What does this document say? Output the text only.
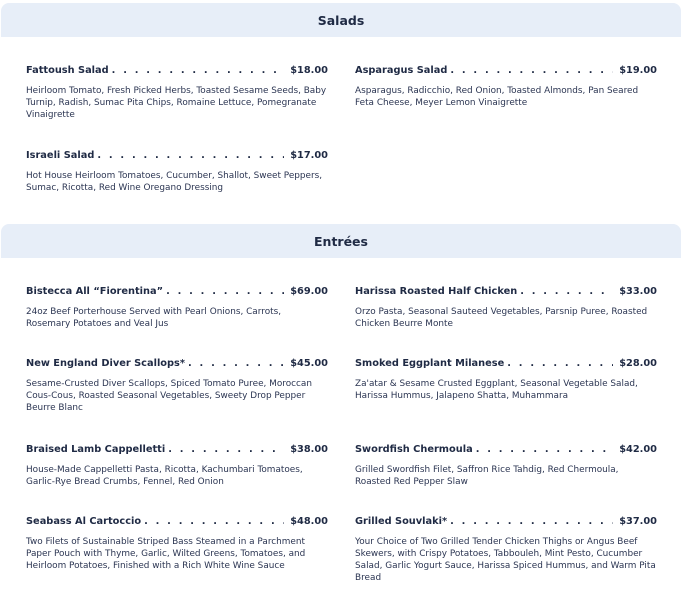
Salads
Fattoush Salad . . .	$18.00
Heirloom Tomato, Fresh Picked Herbs, Toasted Sesame Seeds, Baby Turnip, Radish, Sumac Pita Chips, Romaine Lettuce, Pomegranate Vinaigrette
Asparagus Salad . . .	$19.00
Asparagus, Radicchio, Red Onion, Toasted Almonds, Pan Seared Feta Cheese, Meyer Lemon Vinaigrette
Israeli Salad . . .	$17.00
Hot House Heirloom Tomatoes, Cucumber, Shallot, Sweet Peppers, Sumac, Ricotta, Red Wine Oregano Dressing
Entrées
Bistecca All “Fiorentina” . . .	$69.00
24oz Beef Porterhouse Served with Pearl Onions, Carrots, Rosemary Potatoes and Veal Jus
Harissa Roasted Half Chicken . . .	$33.00
Orzo Pasta, Seasonal Sauteed Vegetables, Parsnip Puree, Roasted Chicken Beurre Monte
New England Diver Scallops* . . .	$45.00
Sesame-Crusted Diver Scallops, Spiced Tomato Puree, Moroccan Cous-Cous, Roasted Seasonal Vegetables, Sweety Drop Pepper Beurre Blanc
Smoked Eggplant Milanese . . .	$28.00
Za'atar & Sesame Crusted Eggplant, Seasonal Vegetable Salad, Harissa Hummus, Jalapeno Shatta, Muhammara
Braised Lamb Cappelletti . . .	$38.00
House-Made Cappelletti Pasta, Ricotta, Kachumbari Tomatoes, Garlic-Rye Bread Crumbs, Fennel, Red Onion
Swordfish Chermoula . . .	$42.00
Grilled Swordfish Filet, Saffron Rice Tahdig, Red Chermoula, Roasted Red Pepper Slaw
Seabass Al Cartoccio . . .	$48.00
Two Filets of Sustainable Striped Bass Steamed in a Parchment Paper Pouch with Thyme, Garlic, Wilted Greens, Tomatoes, and Heirloom Potatoes, Finished with a Rich White Wine Sauce
Grilled Souvlaki* . . .	$37.00
Your Choice of Two Grilled Tender Chicken Thighs or Angus Beef Skewers, with Crispy Potatoes, Tabbouleh, Mint Pesto, Cucumber Salad, Garlic Yogurt Sauce, Harissa Spiced Hummus, and Warm Pita Bread
